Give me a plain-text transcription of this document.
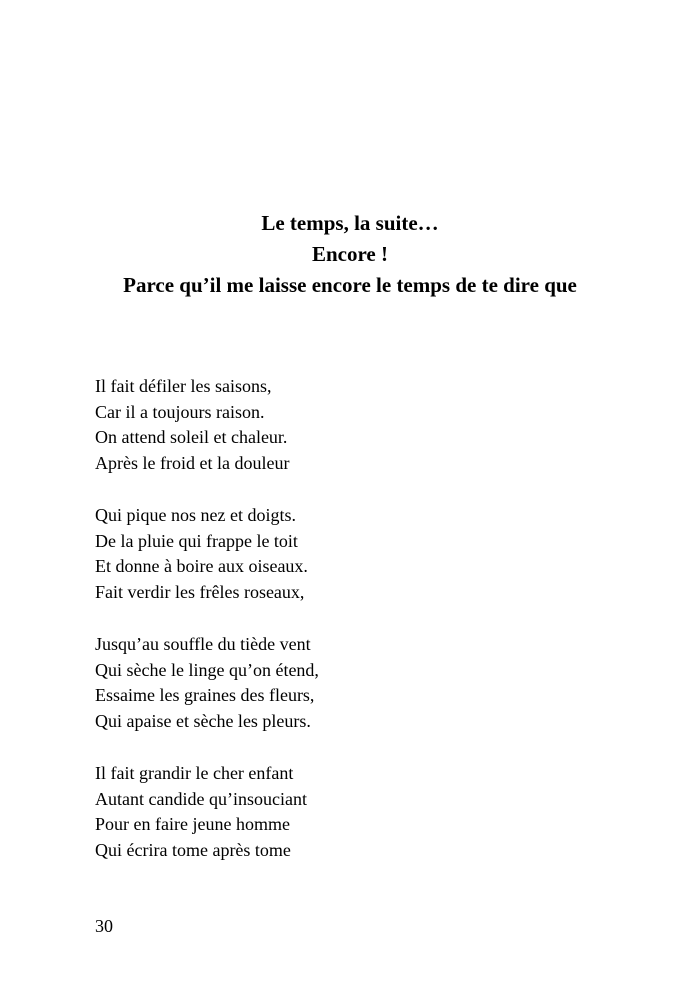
Le temps, la suite…
Encore !
Parce qu’il me laisse encore le temps de te dire que
Il fait défiler les saisons,
Car il a toujours raison.
On attend soleil et chaleur.
Après le froid et la douleur
Qui pique nos nez et doigts.
De la pluie qui frappe le toit
Et donne à boire aux oiseaux.
Fait verdir les frêles roseaux,
Jusqu’au souffle du tiède vent
Qui sèche le linge qu’on étend,
Essaime les graines des fleurs,
Qui apaise et sèche les pleurs.
Il fait grandir le cher enfant
Autant candide qu’insouciant
Pour en faire jeune homme
Qui écrira tome après tome
30
